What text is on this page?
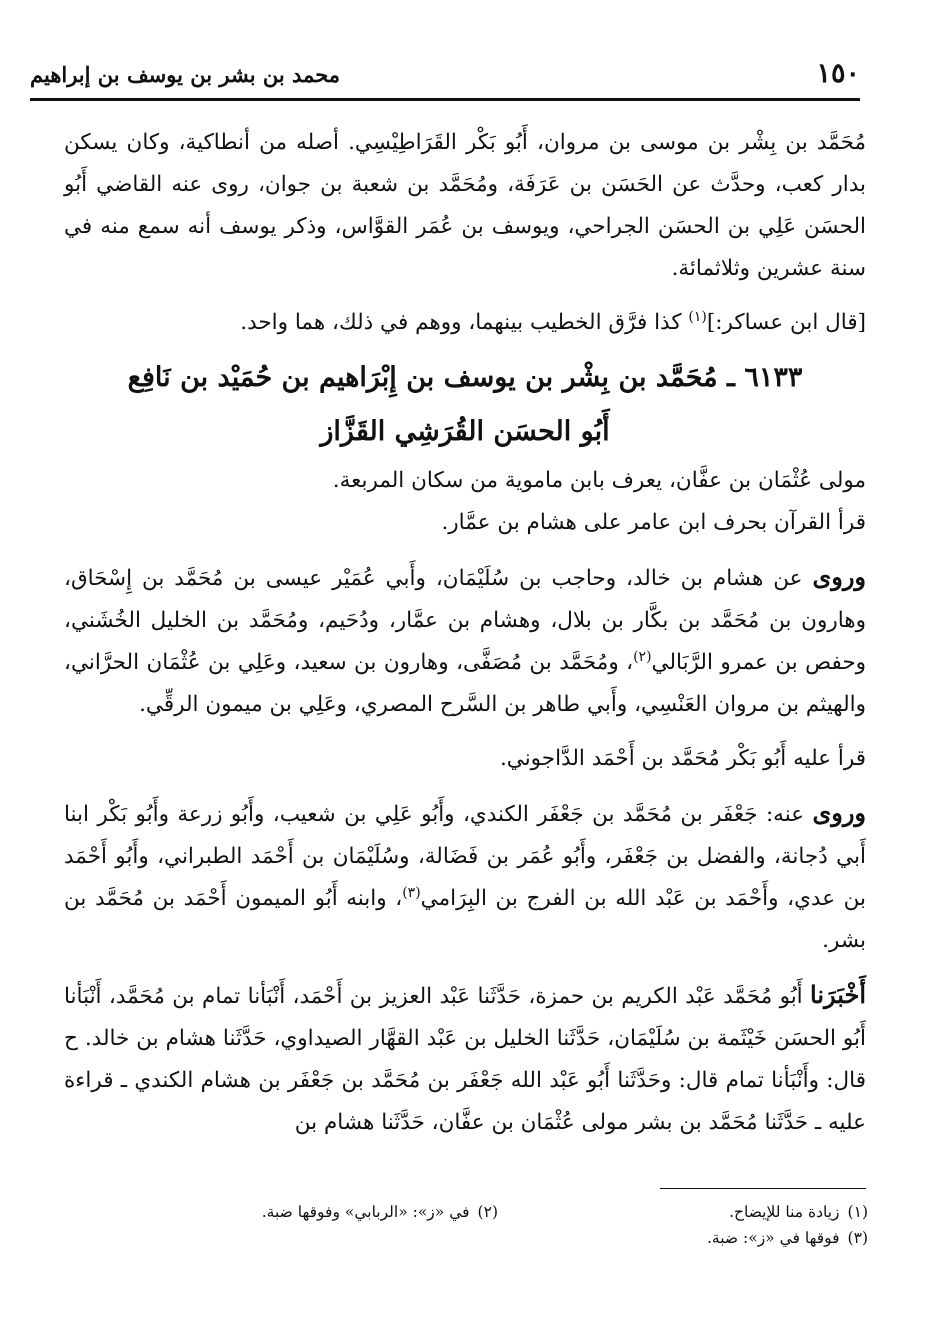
١٥٠
محمد بن بشر بن يوسف بن إبراهيم

مُحَمَّد بن بِشْر بن موسى بن مروان، أَبُو بَكْر القَرَاطِيْسِي. أصله من أنطاكية، وكان يسكن بدار كعب، وحدَّث عن الحَسَن بن عَرَفَة، ومُحَمَّد بن شعبة بن جوان، روى عنه القاضي أَبُو الحسَن عَلِي بن الحسَن الجراحي، ويوسف بن عُمَر القوَّاس، وذكر يوسف أنه سمع منه في سنة عشرين وثلاثمائة.

[قال ابن عساكر:]$^{(١)}$ كذا فرَّق الخطيب بينهما، ووهم في ذلك، هما واحد.

٦١٣٣ ـ مُحَمَّد بن بِشْر بن يوسف بن إِبْرَاهيم بن حُمَيْد بن نَافِع

أَبُو الحسَن القُرَشِي القَزَّاز

مولى عُثْمَان بن عفَّان، يعرف بابن ماموية من سكان المربعة.

قرأ القرآن بحرف ابن عامر على هشام بن عمَّار.

وروى عن هشام بن خالد، وحاجب بن سُلَيْمَان، وأَبي عُمَيْر عيسى بن مُحَمَّد بن إِسْحَاق، وهارون بن مُحَمَّد بن بكَّار بن بلال، وهشام بن عمَّار، ودُحَيم، ومُحَمَّد بن الخليل الخُشَني، وحفص بن عمرو الرَّبَالي$^{(٢)}$، ومُحَمَّد بن مُصَفَّى، وهارون بن سعيد، وعَلِي بن عُثْمَان الحرَّاني، والهيثم بن مروان العَنْسِي، وأَبي طاهر بن السَّرح المصري، وعَلِي بن ميمون الرقِّي.

قرأ عليه أَبُو بَكْر مُحَمَّد بن أَحْمَد الدَّاجوني.

وروى عنه: جَعْفَر بن مُحَمَّد بن جَعْفَر الكندي، وأَبُو عَلِي بن شعيب، وأَبُو زرعة وأَبُو بَكْر ابنا أَبي دُجانة، والفضل بن جَعْفَر، وأَبُو عُمَر بن فَضَالة، وسُلَيْمَان بن أَحْمَد الطبراني، وأَبُو أَحْمَد بن عدي، وأَحْمَد بن عَبْد الله بن الفرج بن البِرَامي$^{(٣)}$، وابنه أَبُو الميمون أَحْمَد بن مُحَمَّد بن بشر.

أَخْبَرَنا أَبُو مُحَمَّد عَبْد الكريم بن حمزة، حَدَّثَنا عَبْد العزيز بن أَحْمَد، أَنْبَأنا تمام بن مُحَمَّد، أَنْبَأنا أَبُو الحسَن خَيْثَمة بن سُلَيْمَان، حَدَّثَنا الخليل بن عَبْد القهَّار الصيداوي، حَدَّثَنا هشام بن خالد. ح قال: وأَنْبَأنا تمام قال: وحَدَّثَنا أَبُو عَبْد الله جَعْفَر بن مُحَمَّد بن جَعْفَر بن هشام الكندي ـ قراءة عليه ـ حَدَّثَنا مُحَمَّد بن بشر مولى عُثْمَان بن عفَّان، حَدَّثَنا هشام بن

(١)زيادة منا للإيضاح.
(٢)في «ز»: «الربابي» وفوقها ضبة.
(٣)فوقها في «ز»: ضبة.
